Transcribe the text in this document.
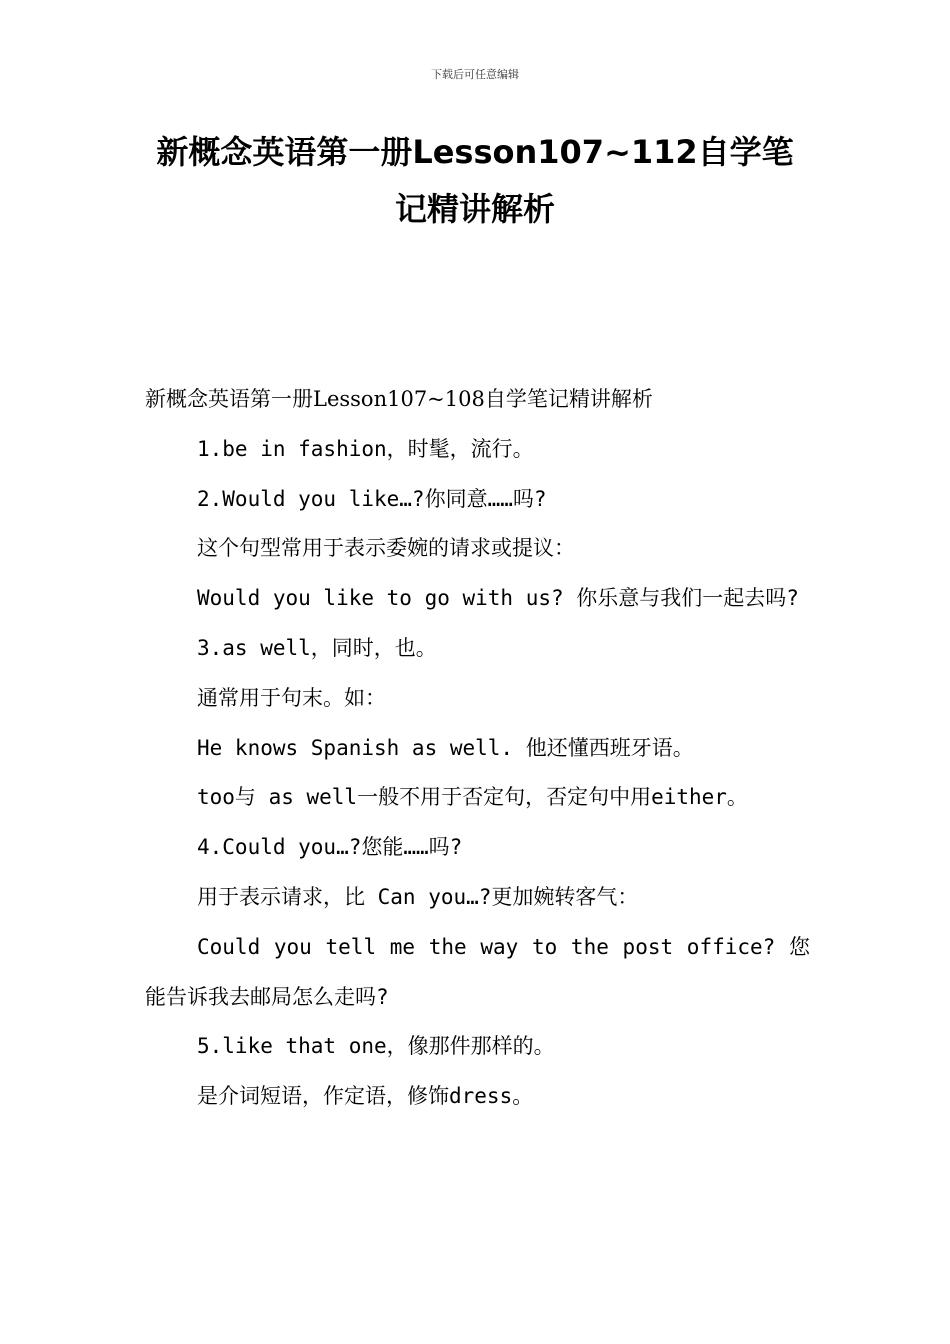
下载后可任意编辑
新概念英语第一册Lesson107~112自学笔
记精讲解析

新概念英语第一册Lesson107~108自学笔记精讲解析

1.be in fashion，时髦，流行。

2.Would you like…?你同意……吗?

这个句型常用于表示委婉的请求或提议：

Would you like to go with us? 你乐意与我们一起去吗?

3.as well，同时，也。

通常用于句末。如：

He knows Spanish as well. 他还懂西班牙语。

too与 as well一般不用于否定句，否定句中用either。

4.Could you…?您能……吗?

用于表示请求，比 Can you…?更加婉转客气：

Could you tell me the way to the post office? 您能告诉我去邮局怎么走吗?

5.like that one，像那件那样的。

是介词短语，作定语，修饰dress。
